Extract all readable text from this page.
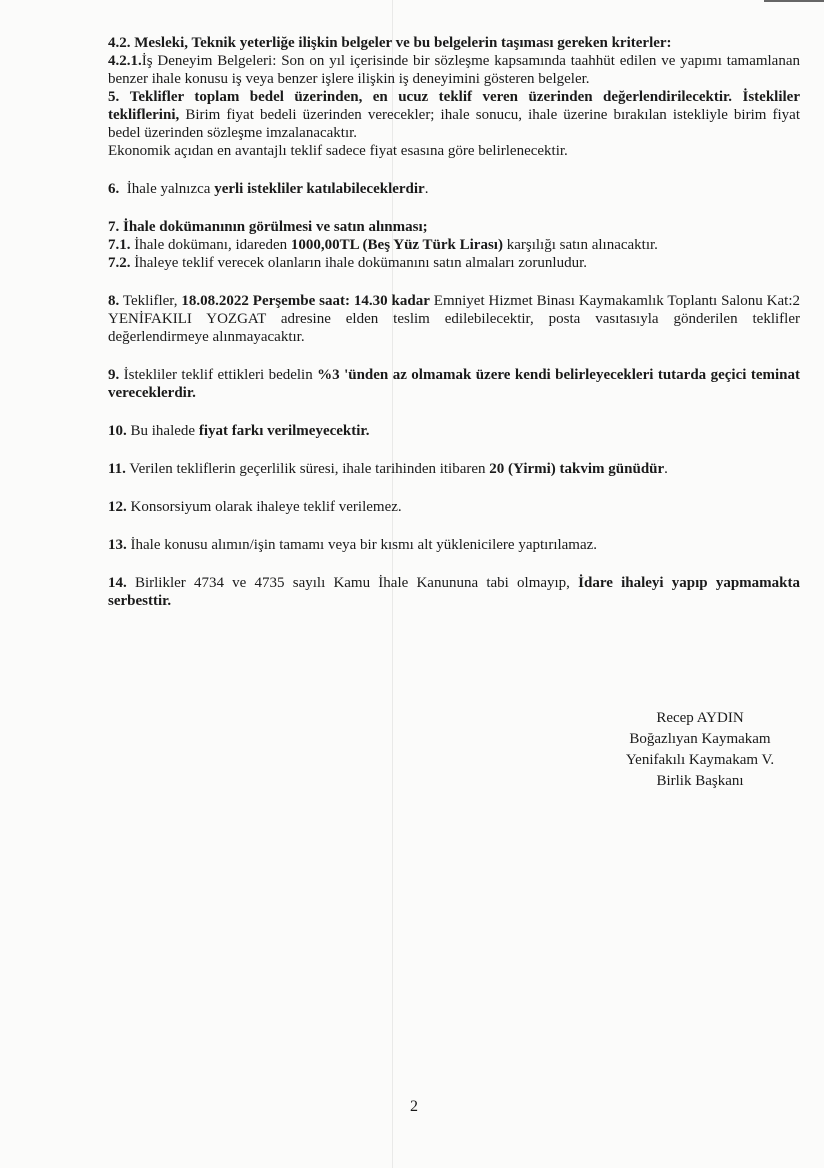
4.2. Mesleki, Teknik yeterliğe ilişkin belgeler ve bu belgelerin taşıması gereken kriterler:

4.2.1.İş Deneyim Belgeleri: Son on yıl içerisinde bir sözleşme kapsamında taahhüt edilen ve yapımı tamamlanan benzer ihale konusu iş veya benzer işlere ilişkin iş deneyimini gösteren belgeler.

5. Teklifler toplam bedel üzerinden, en ucuz teklif veren üzerinden değerlendirilecektir. İstekliler tekliflerini, Birim fiyat bedeli üzerinden verecekler; ihale sonucu, ihale üzerine bırakılan istekliyle birim fiyat bedel üzerinden sözleşme imzalanacaktır.

Ekonomik açıdan en avantajlı teklif sadece fiyat esasına göre belirlenecektir.

6. İhale yalnızca yerli istekliler katılabileceklerdir.

7. İhale dokümanının görülmesi ve satın alınması;

7.1. İhale dokümanı, idareden 1000,00TL (Beş Yüz Türk Lirası) karşılığı satın alınacaktır.

7.2. İhaleye teklif verecek olanların ihale dokümanını satın almaları zorunludur.

8. Teklifler, 18.08.2022 Perşembe saat: 14.30 kadar Emniyet Hizmet Binası Kaymakamlık Toplantı Salonu Kat:2 YENİFAKILI YOZGAT adresine elden teslim edilebilecektir, posta vasıtasıyla gönderilen teklifler değerlendirmeye alınmayacaktır.

9. İstekliler teklif ettikleri bedelin %3 'ünden az olmamak üzere kendi belirleyecekleri tutarda geçici teminat vereceklerdir.

10. Bu ihalede fiyat farkı verilmeyecektir.

11. Verilen tekliflerin geçerlilik süresi, ihale tarihinden itibaren 20 (Yirmi) takvim günüdür.

12. Konsorsiyum olarak ihaleye teklif verilemez.

13. İhale konusu alımın/işin tamamı veya bir kısmı alt yüklenicilere yaptırılamaz.

14. Birlikler 4734 ve 4735 sayılı Kamu İhale Kanununa tabi olmayıp, İdare ihaleyi yapıp yapmamakta serbesttir.

Recep AYDIN
Boğazlıyan Kaymakam
Yenifakılı Kaymakam V.
Birlik Başkanı
2
